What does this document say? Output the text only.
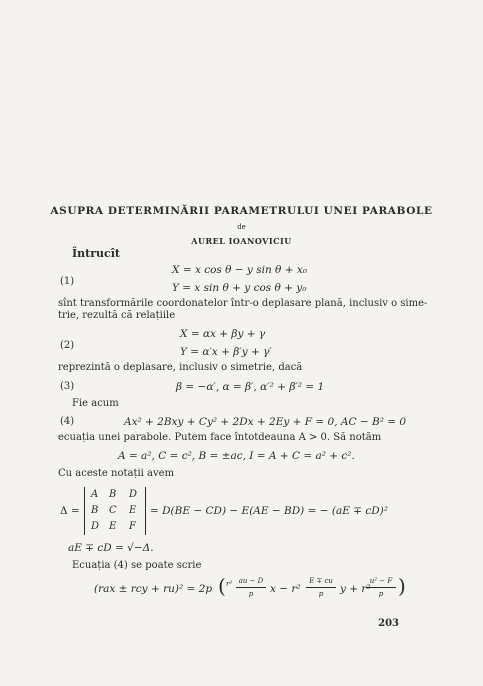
ASUPRA DETERMINĂRII PARAMETRULUI UNEI PARABOLE
de
AUREL IOANOVICIU
Întrucît
(1)
X = x cos θ − y sin θ + x₀
Y = x sin θ + y cos θ + y₀
sînt transformările coordonatelor într-o deplasare plană, inclusiv o sime-
trie, rezultă că relațiile
(2)
X = αx + βy + γ
Y = α′x + β′y + γ′
reprezintă o deplasare, inclusiv o simetrie, dacă
(3)	β = −α′, α = β′, α′² + β′² = 1
Fie acum
(4)	Ax² + 2Bxy + Cy² + 2Dx + 2Ey + F = 0, AC − B² = 0
ecuația unei parabole. Putem face întotdeauna A > 0. Să notăm
A = a², C = c², B = ±ac, I = A + C = a² + c².
Cu aceste notații avem
Δ =
A B D
B C E
D E F
= D(BE − CD) − E(AE − BD) = − (aE ∓ cD)²
aE ∓ cD = √−Δ.
Ecuația (4) se poate scrie
(rax ± rcy + ru)² = 2p ( r² au − D
p	x − r²
E ∓ cu
p	y + r²
u² − F
p )
203
